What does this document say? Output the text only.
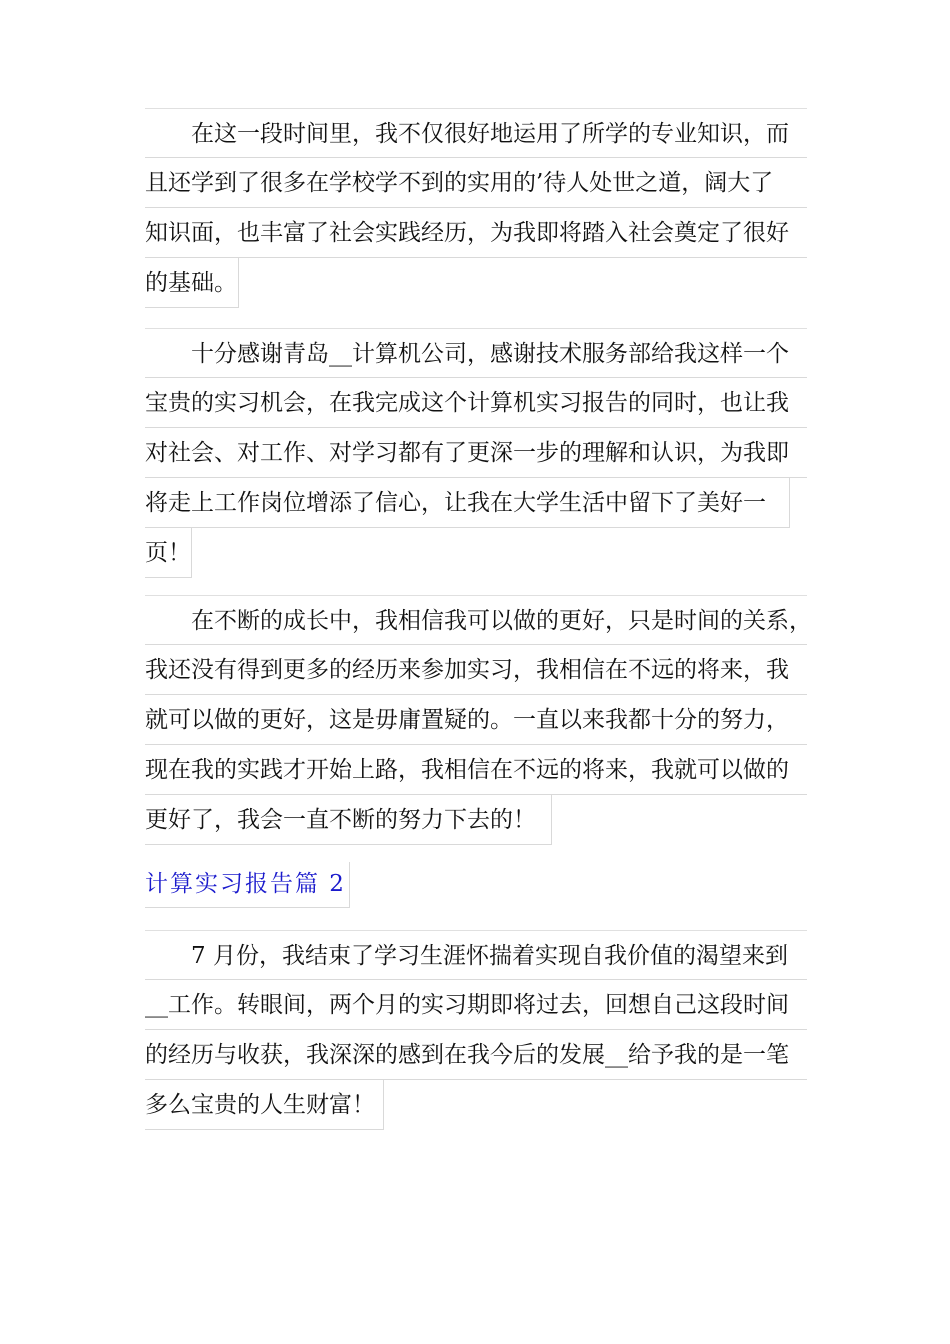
　　在这一段时间里，我不仅很好地运用了所学的专业知识，而
且还学到了很多在学校学不到的实用的’待人处世之道，阔大了
知识面，也丰富了社会实践经历，为我即将踏入社会奠定了很好
的基础。
　　十分感谢青岛__计算机公司，感谢技术服务部给我这样一个
宝贵的实习机会，在我完成这个计算机实习报告的同时，也让我
对社会、对工作、对学习都有了更深一步的理解和认识，为我即
将走上工作岗位增添了信心，让我在大学生活中留下了美好一
页！
　　在不断的成长中，我相信我可以做的更好，只是时间的关系，
我还没有得到更多的经历来参加实习，我相信在不远的将来，我
就可以做的更好，这是毋庸置疑的。一直以来我都十分的努力，
现在我的实践才开始上路，我相信在不远的将来，我就可以做的
更好了，我会一直不断的努力下去的！
计算实习报告篇 2
　　7 月份，我结束了学习生涯怀揣着实现自我价值的渴望来到
__工作。转眼间，两个月的实习期即将过去，回想自己这段时间
的经历与收获，我深深的感到在我今后的发展__给予我的是一笔
多么宝贵的人生财富！
